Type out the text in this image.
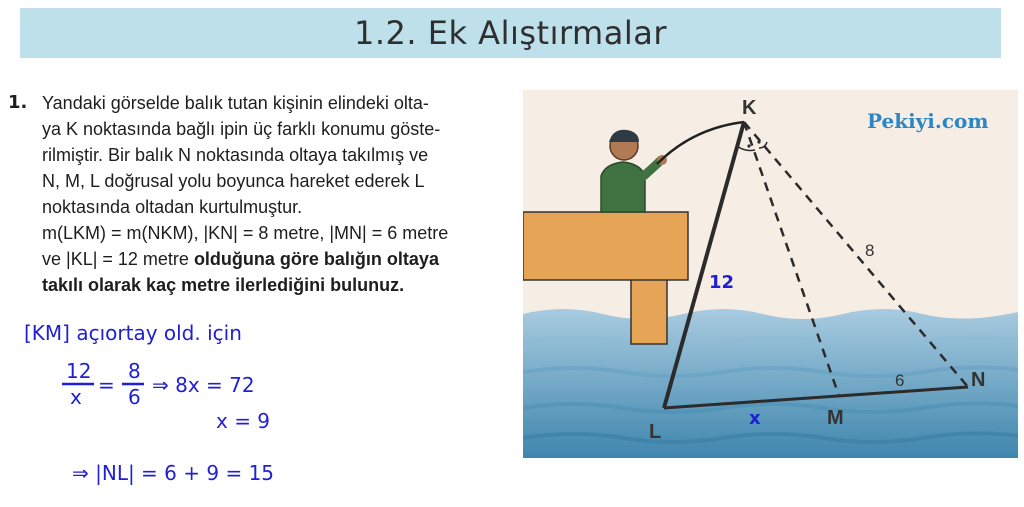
1.2. Ek Alıştırmalar
1. Yandaki görselde balık tutan kişinin elindeki olta-
ya K noktasında bağlı ipin üç farklı konumu göste-
rilmiştir. Bir balık N noktasında oltaya takılmış ve
N, M, L doğrusal yolu boyunca hareket ederek L
noktasında oltadan kurtulmuştur.
m(LKM) = m(NKM), |KN| = 8 metre, |MN| = 6 metre
ve |KL| = 12 metre olduğuna göre balığın oltaya
takılı olarak kaç metre ilerlediğini bulunuz.
[KM] açıortay old. için
12
x =
8
6 ⇒ 8x = 72
x = 9
⇒ |NL| = 6 + 9 = 15
K
L
M
N
12
8
6
x
Pekiyi.com
